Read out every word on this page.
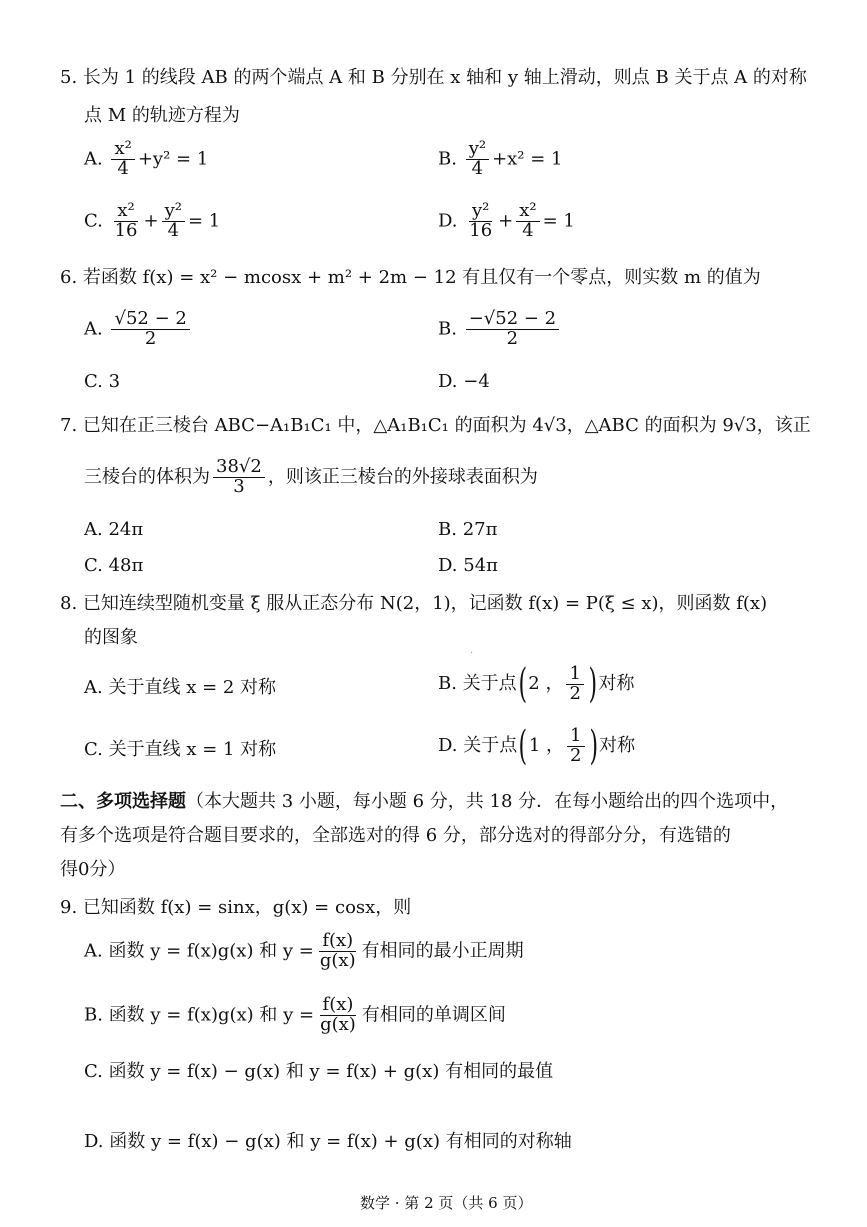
5. 长为 1 的线段 AB 的两个端点 A 和 B 分别在 x 轴和 y 轴上滑动，则点 B 关于点 A 的对称
点 M 的轨迹方程为
A. $\frac{\text{x²}}{4} +y^2 = 1$	B. $\frac{\text{y²}}{4} +x^2 = 1$
C. $\frac{\text{x²}}{16} + \frac{\text{y²}}{4} = 1$	D. $\frac{\text{y²}}{16} + \frac{\text{x²}}{4} = 1$
6. 若函数 f(x) = x² − mcosx + m² + 2m − 12 有且仅有一个零点，则实数 m 的值为
A. $\frac{√52 - 2}{2}$	B. $\frac{-√52 - 2}{2}$
C. 3	D. −4
7. 已知在正三棱台 ABC−A₁B₁C₁ 中，△A₁B₁C₁ 的面积为 4√3，△ABC 的面积为 9√3，该正
三棱台的体积为 $\frac{38√2}{3}$ ，则该正三棱台的外接球表面积为
A. 24π	B. 27π
C. 48π	D. 54π
8. 已知连续型随机变量 ξ 服从正态分布 N(2，1)，记函数 f(x) = P(ξ ≤ x)，则函数 f(x)
的图象
·
A. 关于直线 x = 2 对称	B. 关于点(2 ， $\frac{1}{2}$ )对称
C. 关于直线 x = 1 对称	D. 关于点(1 ， $\frac{1}{2}$ )对称
二、多项选择题（本大题共 3 小题，每小题 6 分，共 18 分．在每小题给出的四个选项中，
有多个选项是符合题目要求的，全部选对的得 6 分，部分选对的得部分分，有选错的
得0分）
9. 已知函数 f(x) = sinx，g(x) = cosx，则
A. 函数 y = f(x)g(x) 和 $y = \frac{f(x)}{g(x)}$ 有相同的最小正周期
B. 函数 y = f(x)g(x) 和 $y = \frac{f(x)}{g(x)}$ 有相同的单调区间
C. 函数 y = f(x) − g(x) 和 y = f(x) + g(x) 有相同的最值
D. 函数 y = f(x) − g(x) 和 y = f(x) + g(x) 有相同的对称轴
数学 · 第 2 页（共 6 页）
